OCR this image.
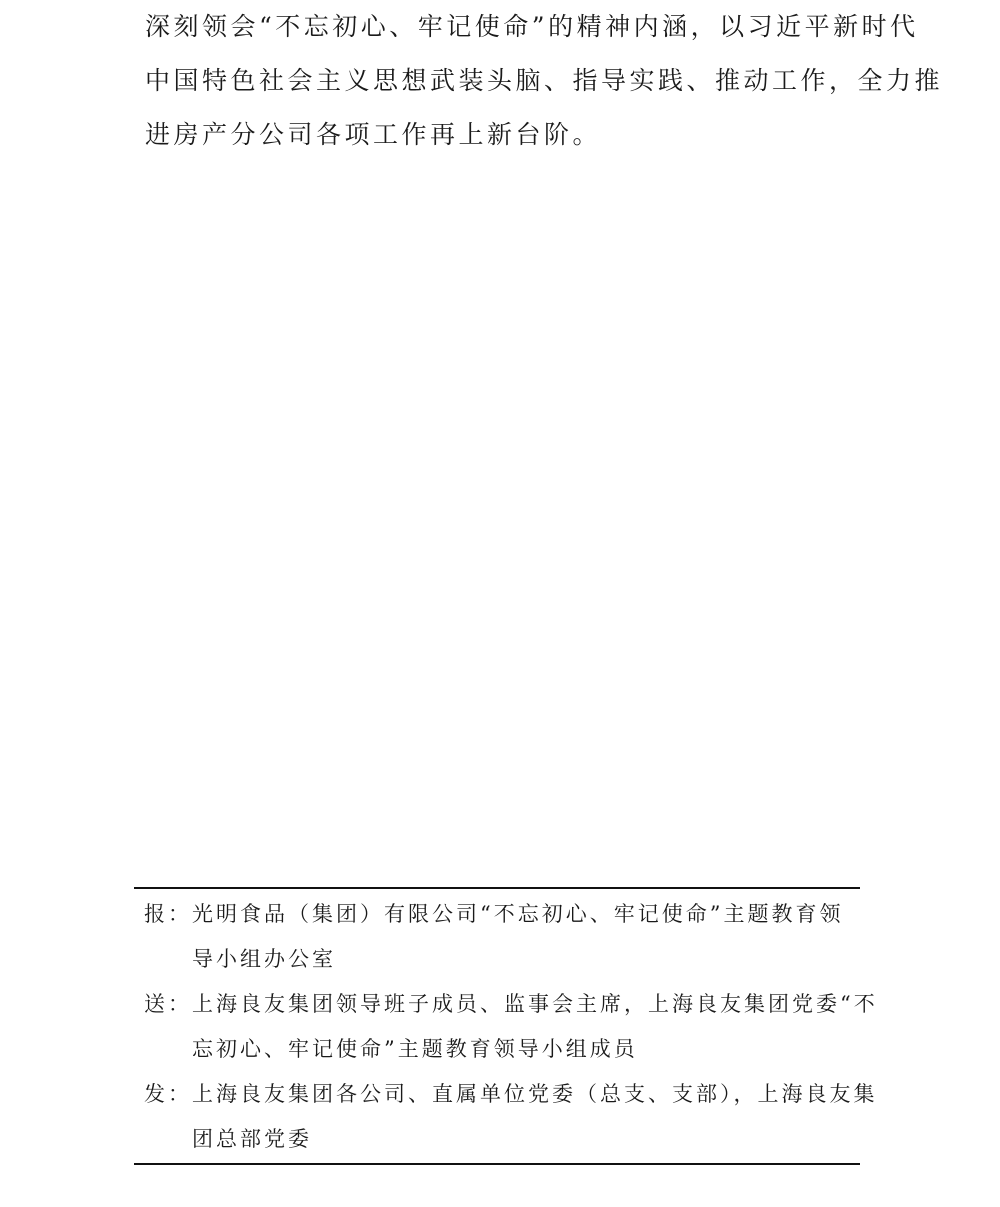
深刻领会“不忘初心、牢记使命”的精神内涵，以习近平新时代
中国特色社会主义思想武装头脑、指导实践、推动工作，全力推
进房产分公司各项工作再上新台阶。
报：光明食品（集团）有限公司“不忘初心、牢记使命”主题教育领
导小组办公室
送：上海良友集团领导班子成员、监事会主席，上海良友集团党委“不
忘初心、牢记使命”主题教育领导小组成员
发：上海良友集团各公司、直属单位党委（总支、支部），上海良友集
团总部党委
